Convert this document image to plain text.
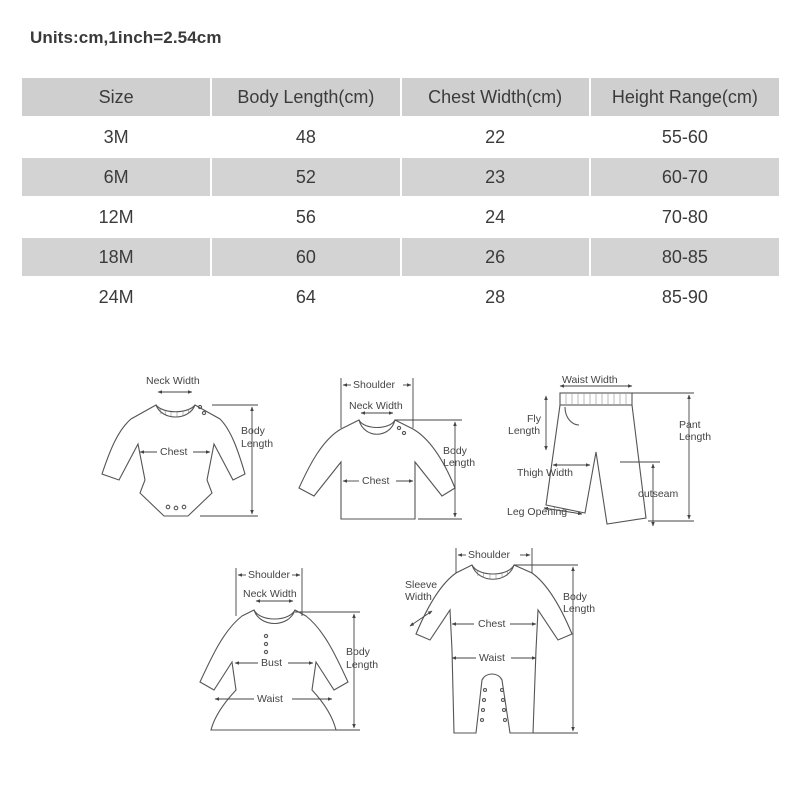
Units:cm,1inch=2.54cm
Size	Body Length(cm)	Chest Width(cm)	Height Range(cm)
3M	48	22	55-60
6M	52	23	60-70
12M	56	24	70-80
18M	60	26	80-85
24M	64	28	85-90
Neck Width
Chest
Body
Length
Shoulder
Neck Width
Chest
Body
Length
Waist Width
Fly
Length
Thigh Width
Leg Opening
outseam
Pant
Length
Shoulder
Neck Width
Bust
Waist
Body
Length
Shoulder
Sleeve
Width
Chest
Waist
Body
Length
